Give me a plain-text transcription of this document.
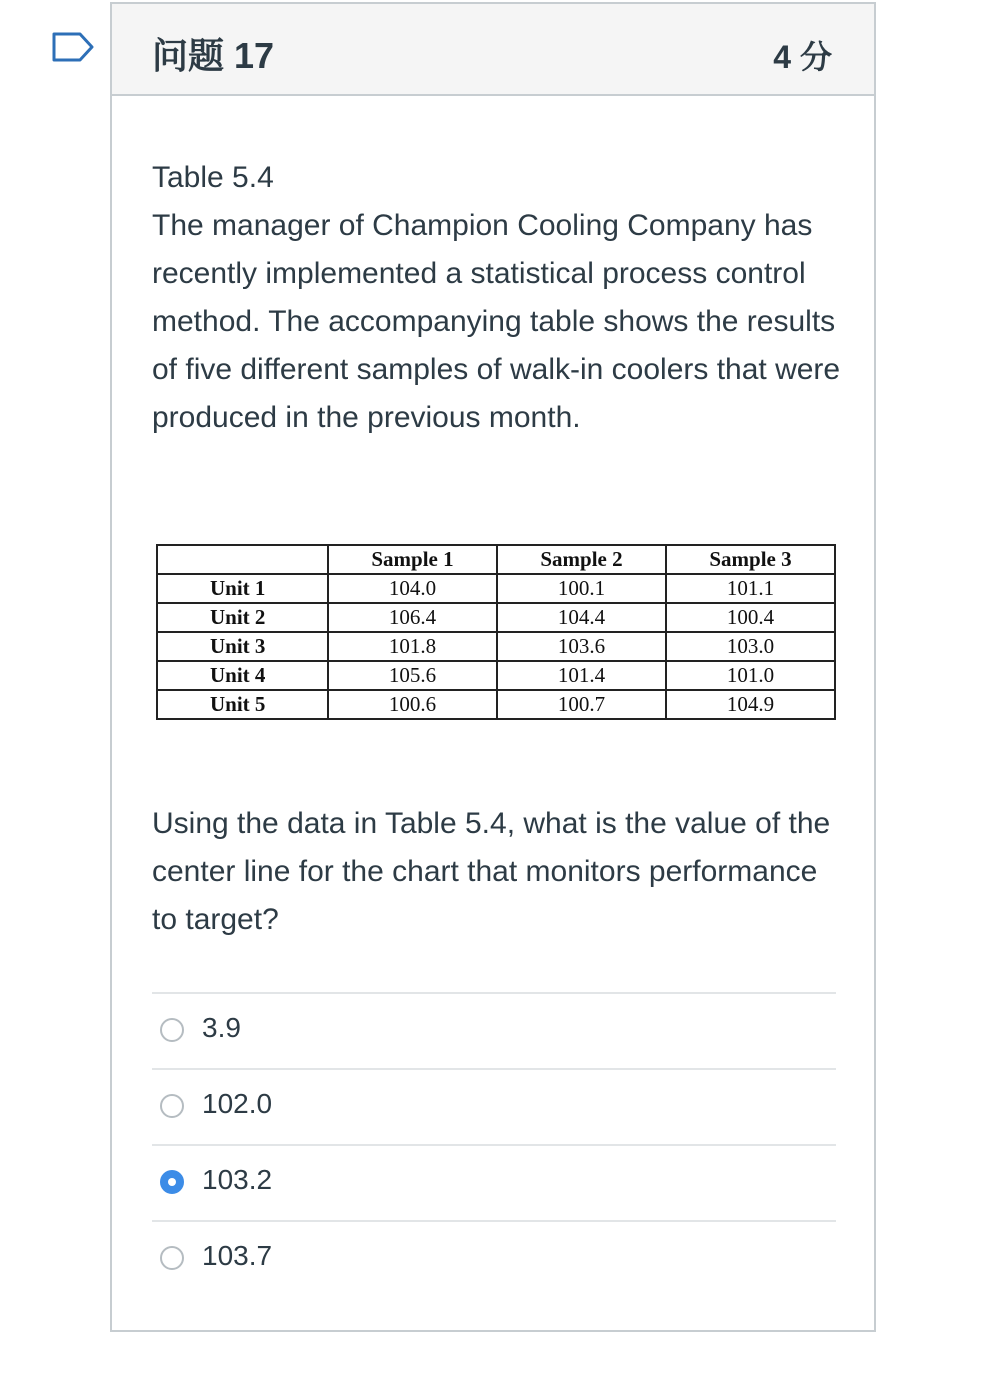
问题 17	4 分

Table 5.4

The manager of Champion Cooling Company has recently implemented a statistical process control method. The accompanying table shows the results of five different samples of walk-in coolers that were produced in the previous month.

	Sample 1	Sample 2	Sample 3
Unit 1	104.0	100.1	101.1
Unit 2	106.4	104.4	100.4
Unit 3	101.8	103.6	103.0
Unit 4	105.6	101.4	101.0
Unit 5	100.6	100.7	104.9

Using the data in Table 5.4, what is the value of the center line for the chart that monitors performance to target?

3.9
102.0
103.2
103.7
